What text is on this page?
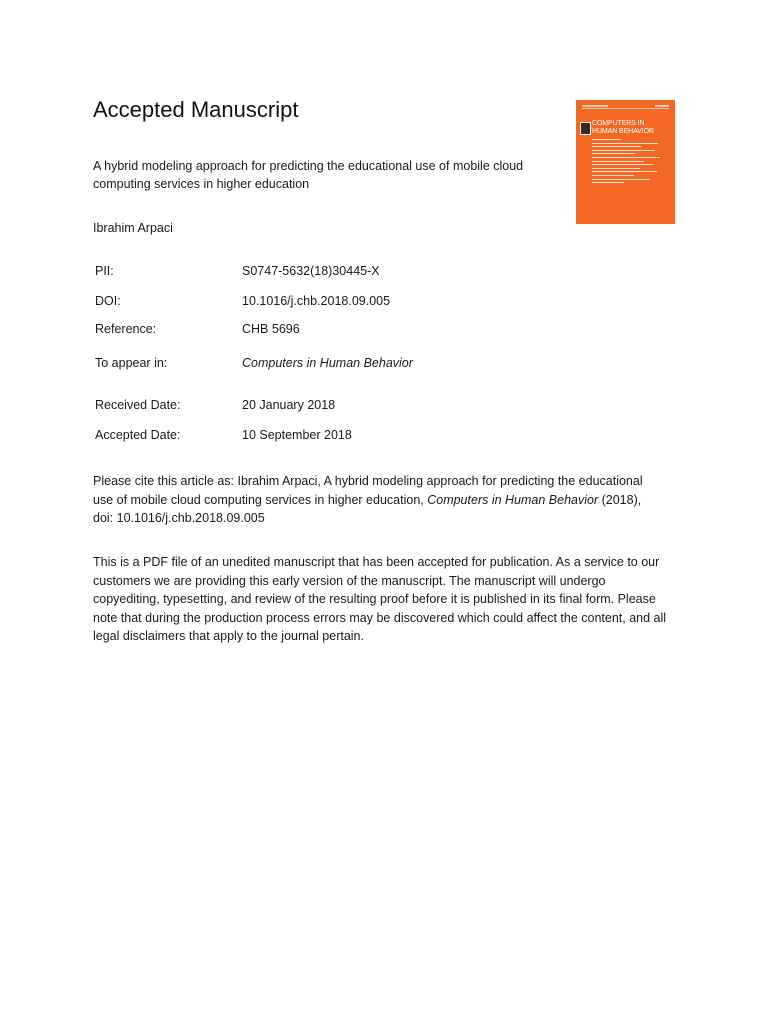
Accepted Manuscript

A hybrid modeling approach for predicting the educational use of mobile cloud computing services in higher education

Ibrahim Arpaci

COMPUTERS IN
HUMAN BEHAVIOR
PII:	S0747-5632(18)30445-X
DOI:	10.1016/j.chb.2018.09.005
Reference:	CHB 5696
To appear in:	Computers in Human Behavior
Received Date:	20 January 2018
Accepted Date:	10 September 2018

Please cite this article as: Ibrahim Arpaci, A hybrid modeling approach for predicting the educational use of mobile cloud computing services in higher education, Computers in Human Behavior (2018), doi: 10.1016/j.chb.2018.09.005

This is a PDF file of an unedited manuscript that has been accepted for publication. As a service to our customers we are providing this early version of the manuscript. The manuscript will undergo copyediting, typesetting, and review of the resulting proof before it is published in its final form. Please note that during the production process errors may be discovered which could affect the content, and all legal disclaimers that apply to the journal pertain.
